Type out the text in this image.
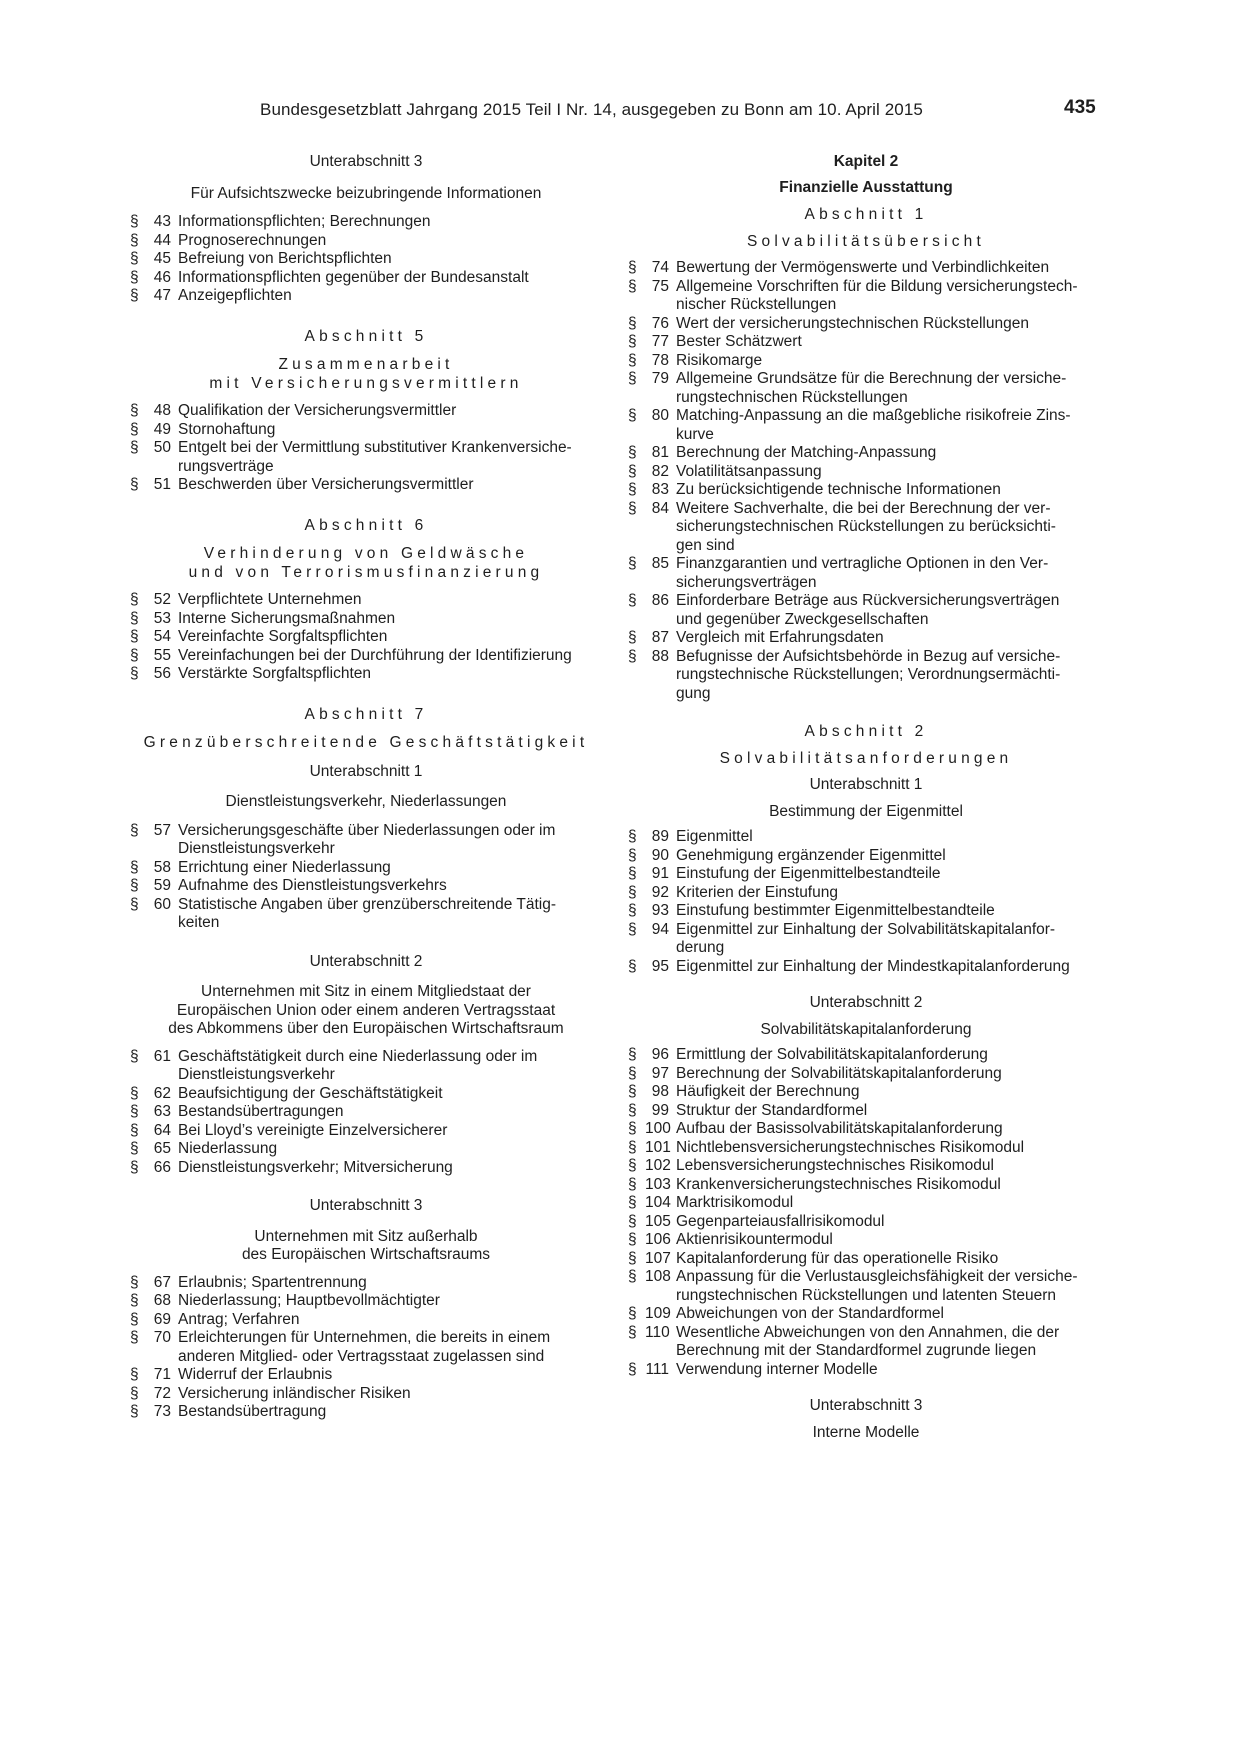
Bundesgesetzblatt Jahrgang 2015 Teil I Nr. 14, ausgegeben zu Bonn am 10. April 2015	435
Unterabschnitt 3
Für Aufsichtszwecke beizubringende Informationen
§ 43 Informationspflichten; Berechnungen
§ 44 Prognoserechnungen
§ 45 Befreiung von Berichtspflichten
§ 46 Informationspflichten gegenüber der Bundesanstalt
§ 47 Anzeigepflichten
Abschnitt 5
Zusammenarbeit
mit Versicherungsvermittlern
§ 48 Qualifikation der Versicherungsvermittler
§ 49 Stornohaftung
§ 50 Entgelt bei der Vermittlung substitutiver Krankenversiche-
rungsverträge
§ 51 Beschwerden über Versicherungsvermittler
Abschnitt 6
Verhinderung von Geldwäsche
und von Terrorismusfinanzierung
§ 52 Verpflichtete Unternehmen
§ 53 Interne Sicherungsmaßnahmen
§ 54 Vereinfachte Sorgfaltspflichten
§ 55 Vereinfachungen bei der Durchführung der Identifizierung
§ 56 Verstärkte Sorgfaltspflichten
Abschnitt 7
Grenzüberschreitende Geschäftstätigkeit
Unterabschnitt 1
Dienstleistungsverkehr, Niederlassungen
§ 57 Versicherungsgeschäfte über Niederlassungen oder im
Dienstleistungsverkehr
§ 58 Errichtung einer Niederlassung
§ 59 Aufnahme des Dienstleistungsverkehrs
§ 60 Statistische Angaben über grenzüberschreitende Tätig-
keiten
Unterabschnitt 2
Unternehmen mit Sitz in einem Mitgliedstaat der
Europäischen Union oder einem anderen Vertragsstaat
des Abkommens über den Europäischen Wirtschaftsraum
§ 61 Geschäftstätigkeit durch eine Niederlassung oder im
Dienstleistungsverkehr
§ 62 Beaufsichtigung der Geschäftstätigkeit
§ 63 Bestandsübertragungen
§ 64 Bei Lloyd’s vereinigte Einzelversicherer
§ 65 Niederlassung
§ 66 Dienstleistungsverkehr; Mitversicherung
Unterabschnitt 3
Unternehmen mit Sitz außerhalb
des Europäischen Wirtschaftsraums
§ 67 Erlaubnis; Spartentrennung
§ 68 Niederlassung; Hauptbevollmächtigter
§ 69 Antrag; Verfahren
§ 70 Erleichterungen für Unternehmen, die bereits in einem
anderen Mitglied- oder Vertragsstaat zugelassen sind
§ 71 Widerruf der Erlaubnis
§ 72 Versicherung inländischer Risiken
§ 73 Bestandsübertragung
Kapitel 2
Finanzielle Ausstattung
Abschnitt 1
Solvabilitätsübersicht
§ 74 Bewertung der Vermögenswerte und Verbindlichkeiten
§ 75 Allgemeine Vorschriften für die Bildung versicherungstech-
nischer Rückstellungen
§ 76 Wert der versicherungstechnischen Rückstellungen
§ 77 Bester Schätzwert
§ 78 Risikomarge
§ 79 Allgemeine Grundsätze für die Berechnung der versiche-
rungstechnischen Rückstellungen
§ 80 Matching-Anpassung an die maßgebliche risikofreie Zins-
kurve
§ 81 Berechnung der Matching-Anpassung
§ 82 Volatilitätsanpassung
§ 83 Zu berücksichtigende technische Informationen
§ 84 Weitere Sachverhalte, die bei der Berechnung der ver-
sicherungstechnischen Rückstellungen zu berücksichti-
gen sind
§ 85 Finanzgarantien und vertragliche Optionen in den Ver-
sicherungsverträgen
§ 86 Einforderbare Beträge aus Rückversicherungsverträgen
und gegenüber Zweckgesellschaften
§ 87 Vergleich mit Erfahrungsdaten
§ 88 Befugnisse der Aufsichtsbehörde in Bezug auf versiche-
rungstechnische Rückstellungen; Verordnungsermächti-
gung
Abschnitt 2
Solvabilitätsanforderungen
Unterabschnitt 1
Bestimmung der Eigenmittel
§ 89 Eigenmittel
§ 90 Genehmigung ergänzender Eigenmittel
§ 91 Einstufung der Eigenmittelbestandteile
§ 92 Kriterien der Einstufung
§ 93 Einstufung bestimmter Eigenmittelbestandteile
§ 94 Eigenmittel zur Einhaltung der Solvabilitätskapitalanfor-
derung
§ 95 Eigenmittel zur Einhaltung der Mindestkapitalanforderung
Unterabschnitt 2
Solvabilitätskapitalanforderung
§ 96 Ermittlung der Solvabilitätskapitalanforderung
§ 97 Berechnung der Solvabilitätskapitalanforderung
§ 98 Häufigkeit der Berechnung
§ 99 Struktur der Standardformel
§ 100 Aufbau der Basissolvabilitätskapitalanforderung
§ 101 Nichtlebensversicherungstechnisches Risikomodul
§ 102 Lebensversicherungstechnisches Risikomodul
§ 103 Krankenversicherungstechnisches Risikomodul
§ 104 Marktrisikomodul
§ 105 Gegenparteiausfallrisikomodul
§ 106 Aktienrisikountermodul
§ 107 Kapitalanforderung für das operationelle Risiko
§ 108 Anpassung für die Verlustausgleichsfähigkeit der versiche-
rungstechnischen Rückstellungen und latenten Steuern
§ 109 Abweichungen von der Standardformel
§ 110 Wesentliche Abweichungen von den Annahmen, die der
Berechnung mit der Standardformel zugrunde liegen
§ 111 Verwendung interner Modelle
Unterabschnitt 3
Interne Modelle
